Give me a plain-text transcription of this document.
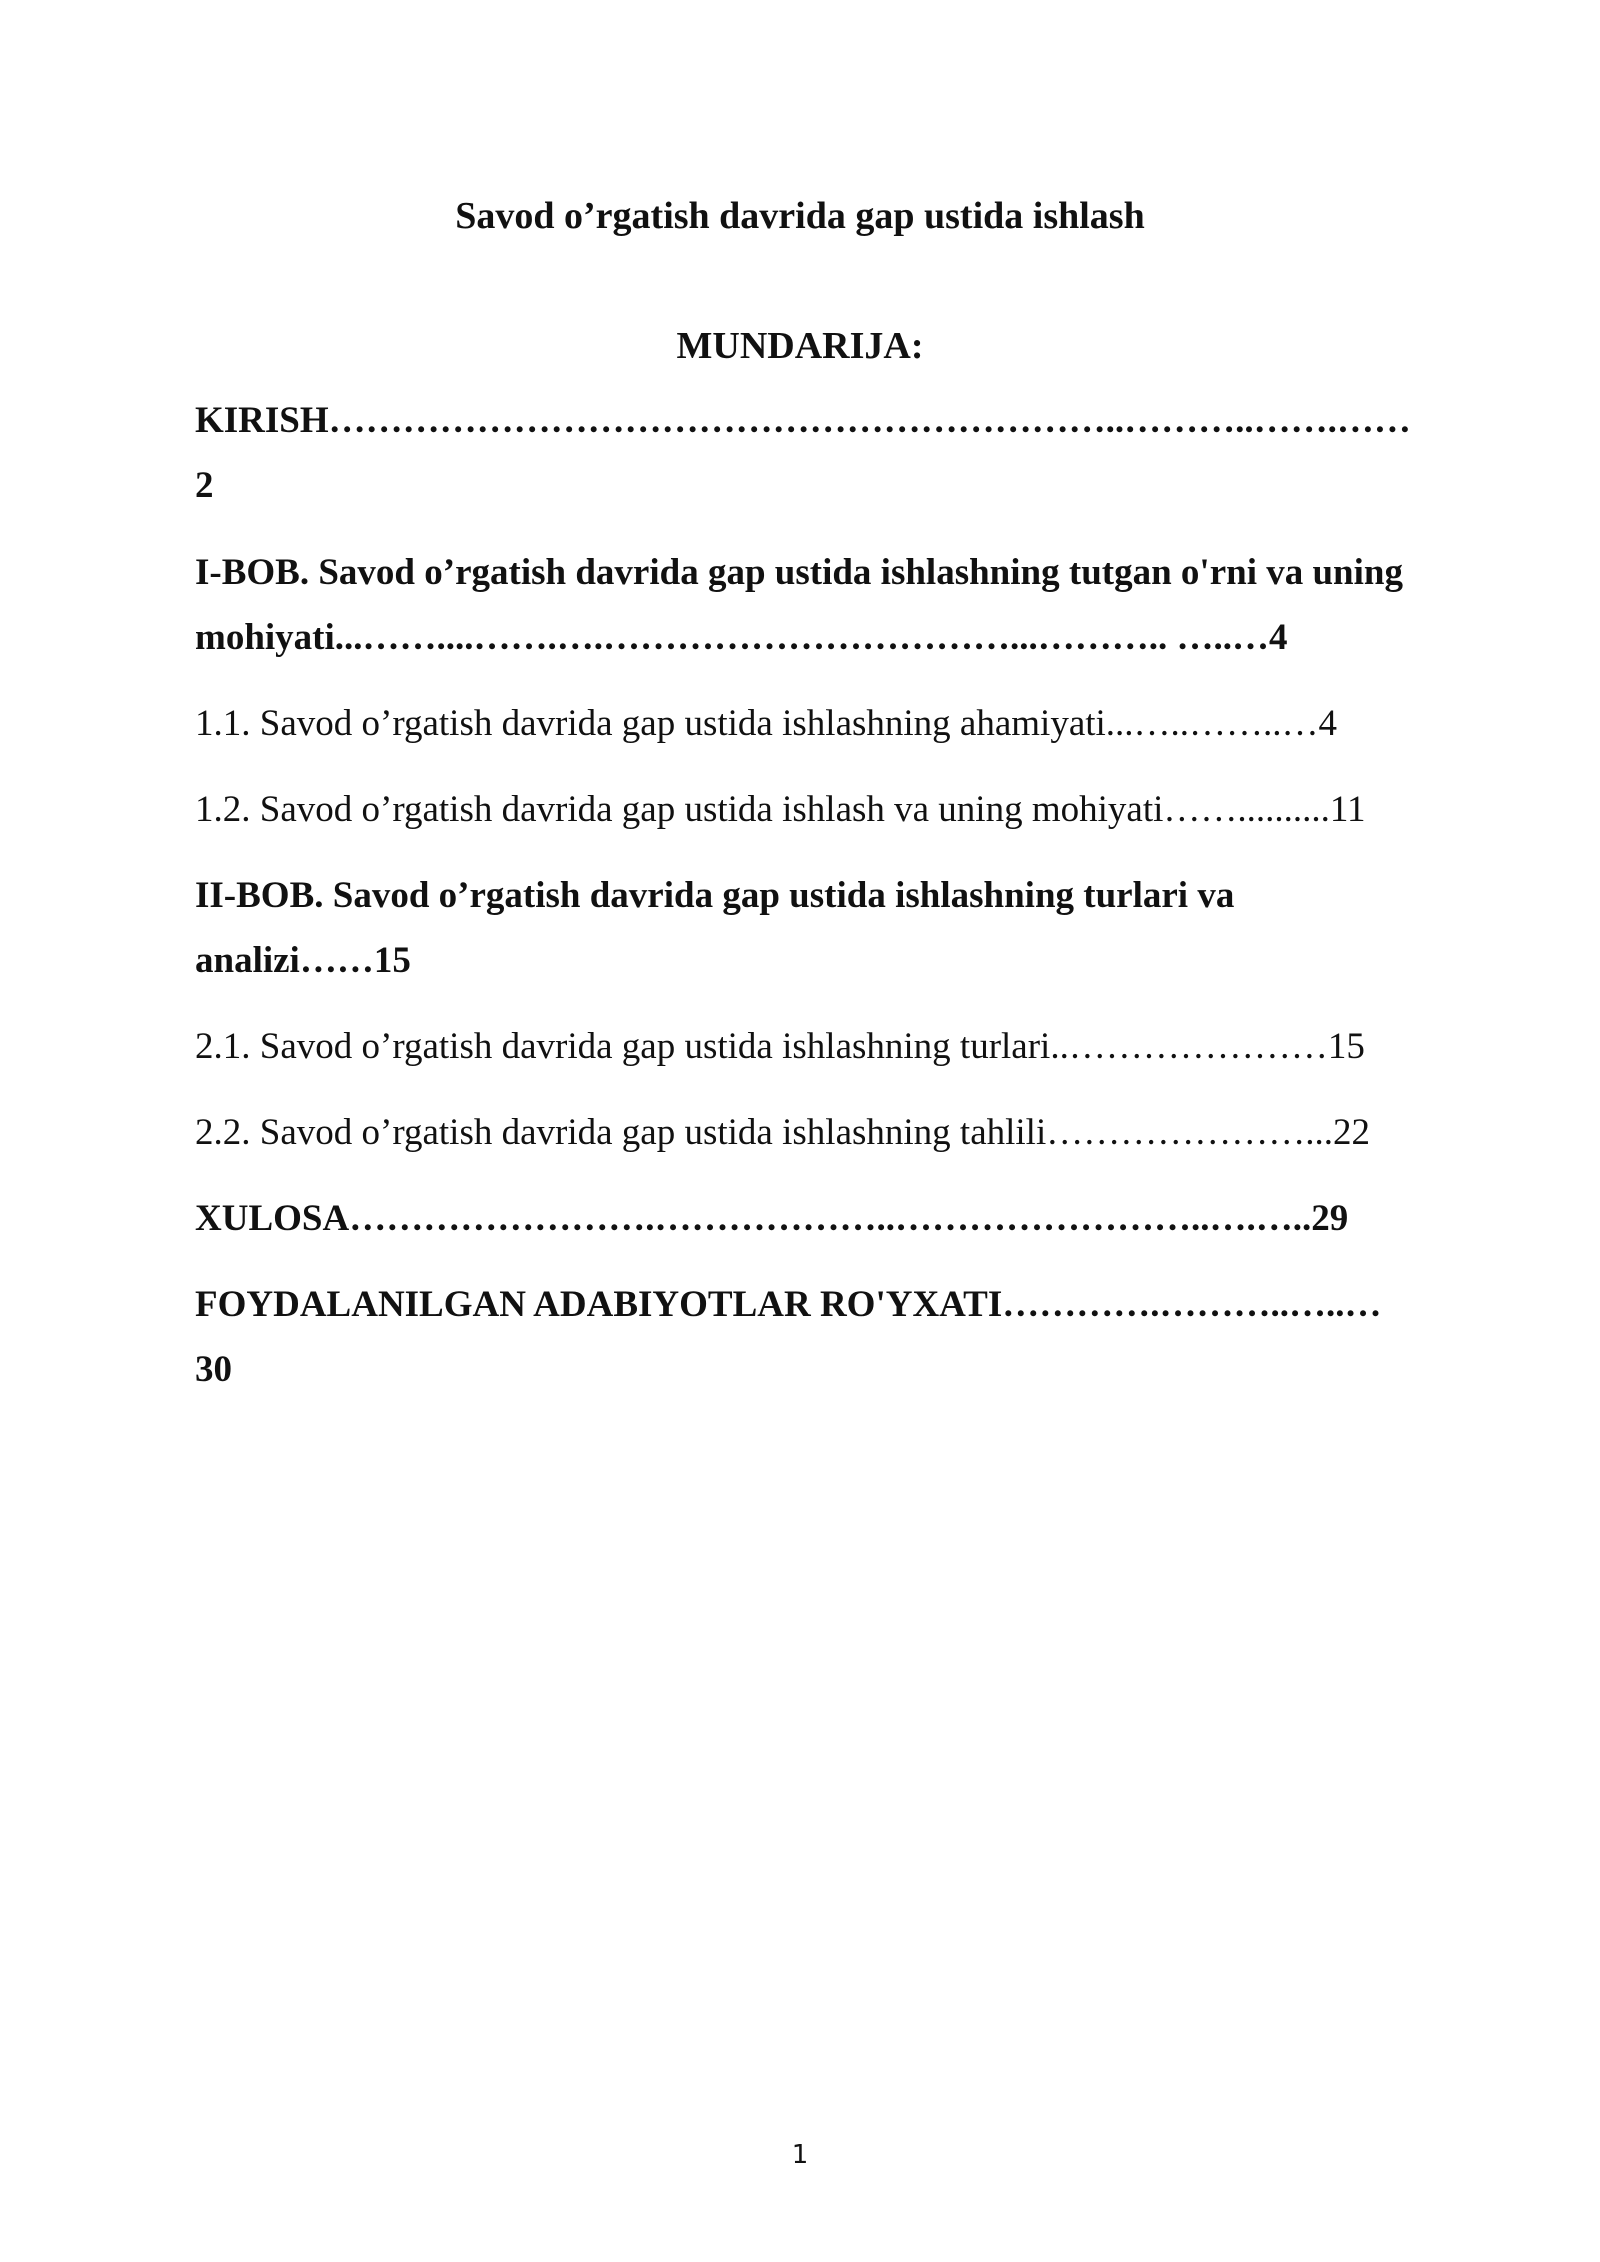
Savod o’rgatish davrida gap ustida ishlash
MUNDARIJA:
KIRISH………………………………………………………..………..…….…… 2
I-BOB. Savod o’rgatish davrida gap ustida ishlashning tutgan o'rni va uning mohiyati...……....…….….……………………………...……….. …..…4
1.1. Savod o’rgatish davrida gap ustida ishlashning ahamiyati...…..……..…4
1.2. Savod o’rgatish davrida gap ustida ishlash va uning mohiyati……..........11
II-BOB. Savod o’rgatish davrida gap ustida ishlashning turlari va analizi……15
2.1. Savod o’rgatish davrida gap ustida ishlashning turlari..…………………15
2.2. Savod o’rgatish davrida gap ustida ishlashning tahlili…………………...22
XULOSA…………………….………………..……………………..….…..29
FOYDALANILGAN ADABIYOTLAR RO'YXATI………….………..…..…30
1
